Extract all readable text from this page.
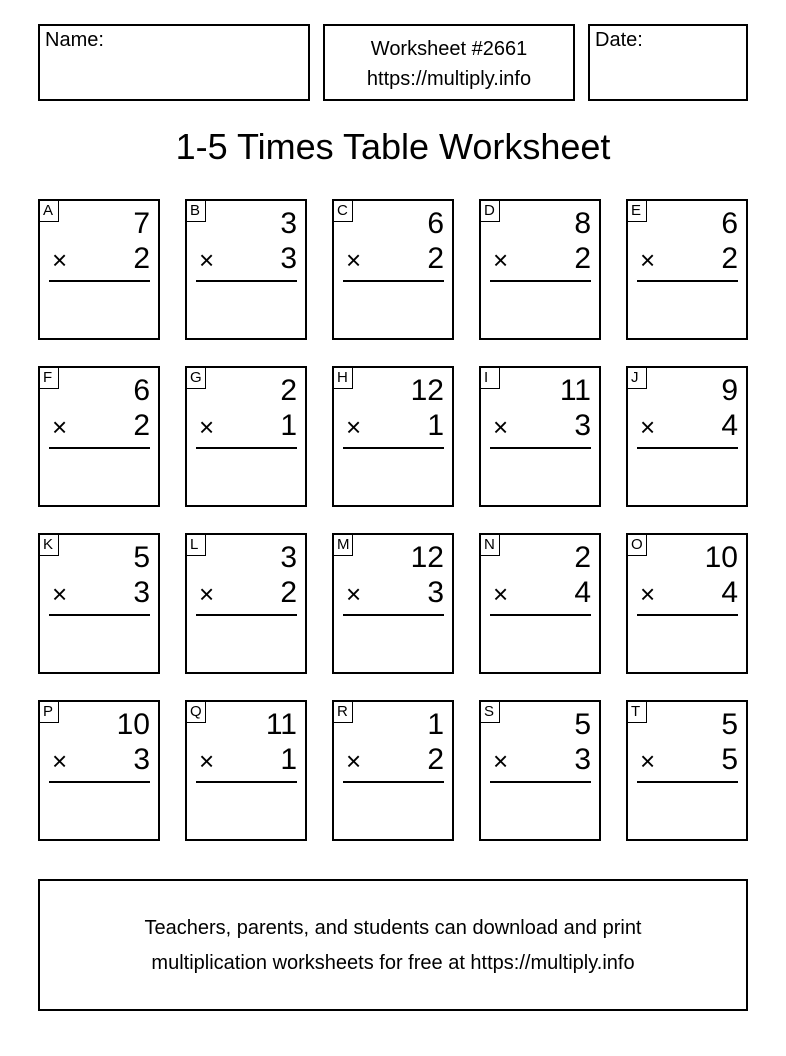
Name:	Worksheet #2661
https://multiply.info
Date:
1-5 Times Table Worksheet
A	7
× 2
B	3
× 3
C	6
× 2
D	8
× 2
E	6
× 2
F	6
× 2
G	2
× 1
H 12
× 1
I	11
× 3
J	9
× 4
K	5
× 3
L	3
× 2
M 12
× 3
N	2
× 4
O 10
× 4
P 10
× 3
Q 11
× 1
R	1
× 2
S	5
× 3
T	5
× 5
Teachers, parents, and students can download and print
multiplication worksheets for free at https://multiply.info
